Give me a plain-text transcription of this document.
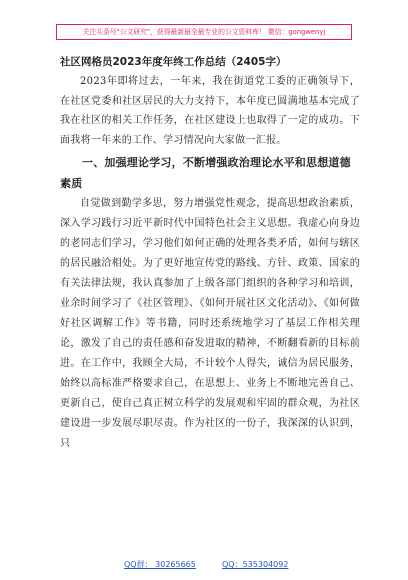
关注头条号"公文研究"，获得最新最全最专业的公文资料库！ 微信：gongwenyj
社区网格员2023年度年终工作总结（2405字）

2023年即将过去，一年来，我在街道党工委的正确领导下，在社区党委和社区居民的大力支持下，本年度已圆满地基本完成了我在社区的相关工作任务，在社区建设上也取得了一定的成功。下面我将一年来的工作、学习情况向大家做一汇报。

一、加强理论学习，不断增强政治理论水平和思想道德素质

自觉做到勤学多思，努力增强党性观念，提高思想政治素质，深入学习践行习近平新时代中国特色社会主义思想。我虚心向身边的老同志们学习，学习他们如何正确的处理各类矛盾，如何与辖区的居民融洽相处。为了更好地宣传党的路线、方针、政策、国家的有关法律法规，我认真参加了上级各部门组织的各种学习和培训，业余时间学习了《社区管理》、《如何开展社区文化活动》、《如何做好社区调解工作》等书籍，同时还系统地学习了基层工作相关理论，激发了自己的责任感和奋发进取的精神，不断翻看新的目标前进。在工作中，我顾全大局，不计较个人得失，诚信为居民服务，始终以高标准严格要求自己，在思想上、业务上不断地完善自己、更新自己，使自己真正树立科学的发展观和牢固的群众观，为社区建设进一步发展尽职尽责。作为社区的一份子，我深深的认识到，只

QQ群： 30265665	QQ：535304092
